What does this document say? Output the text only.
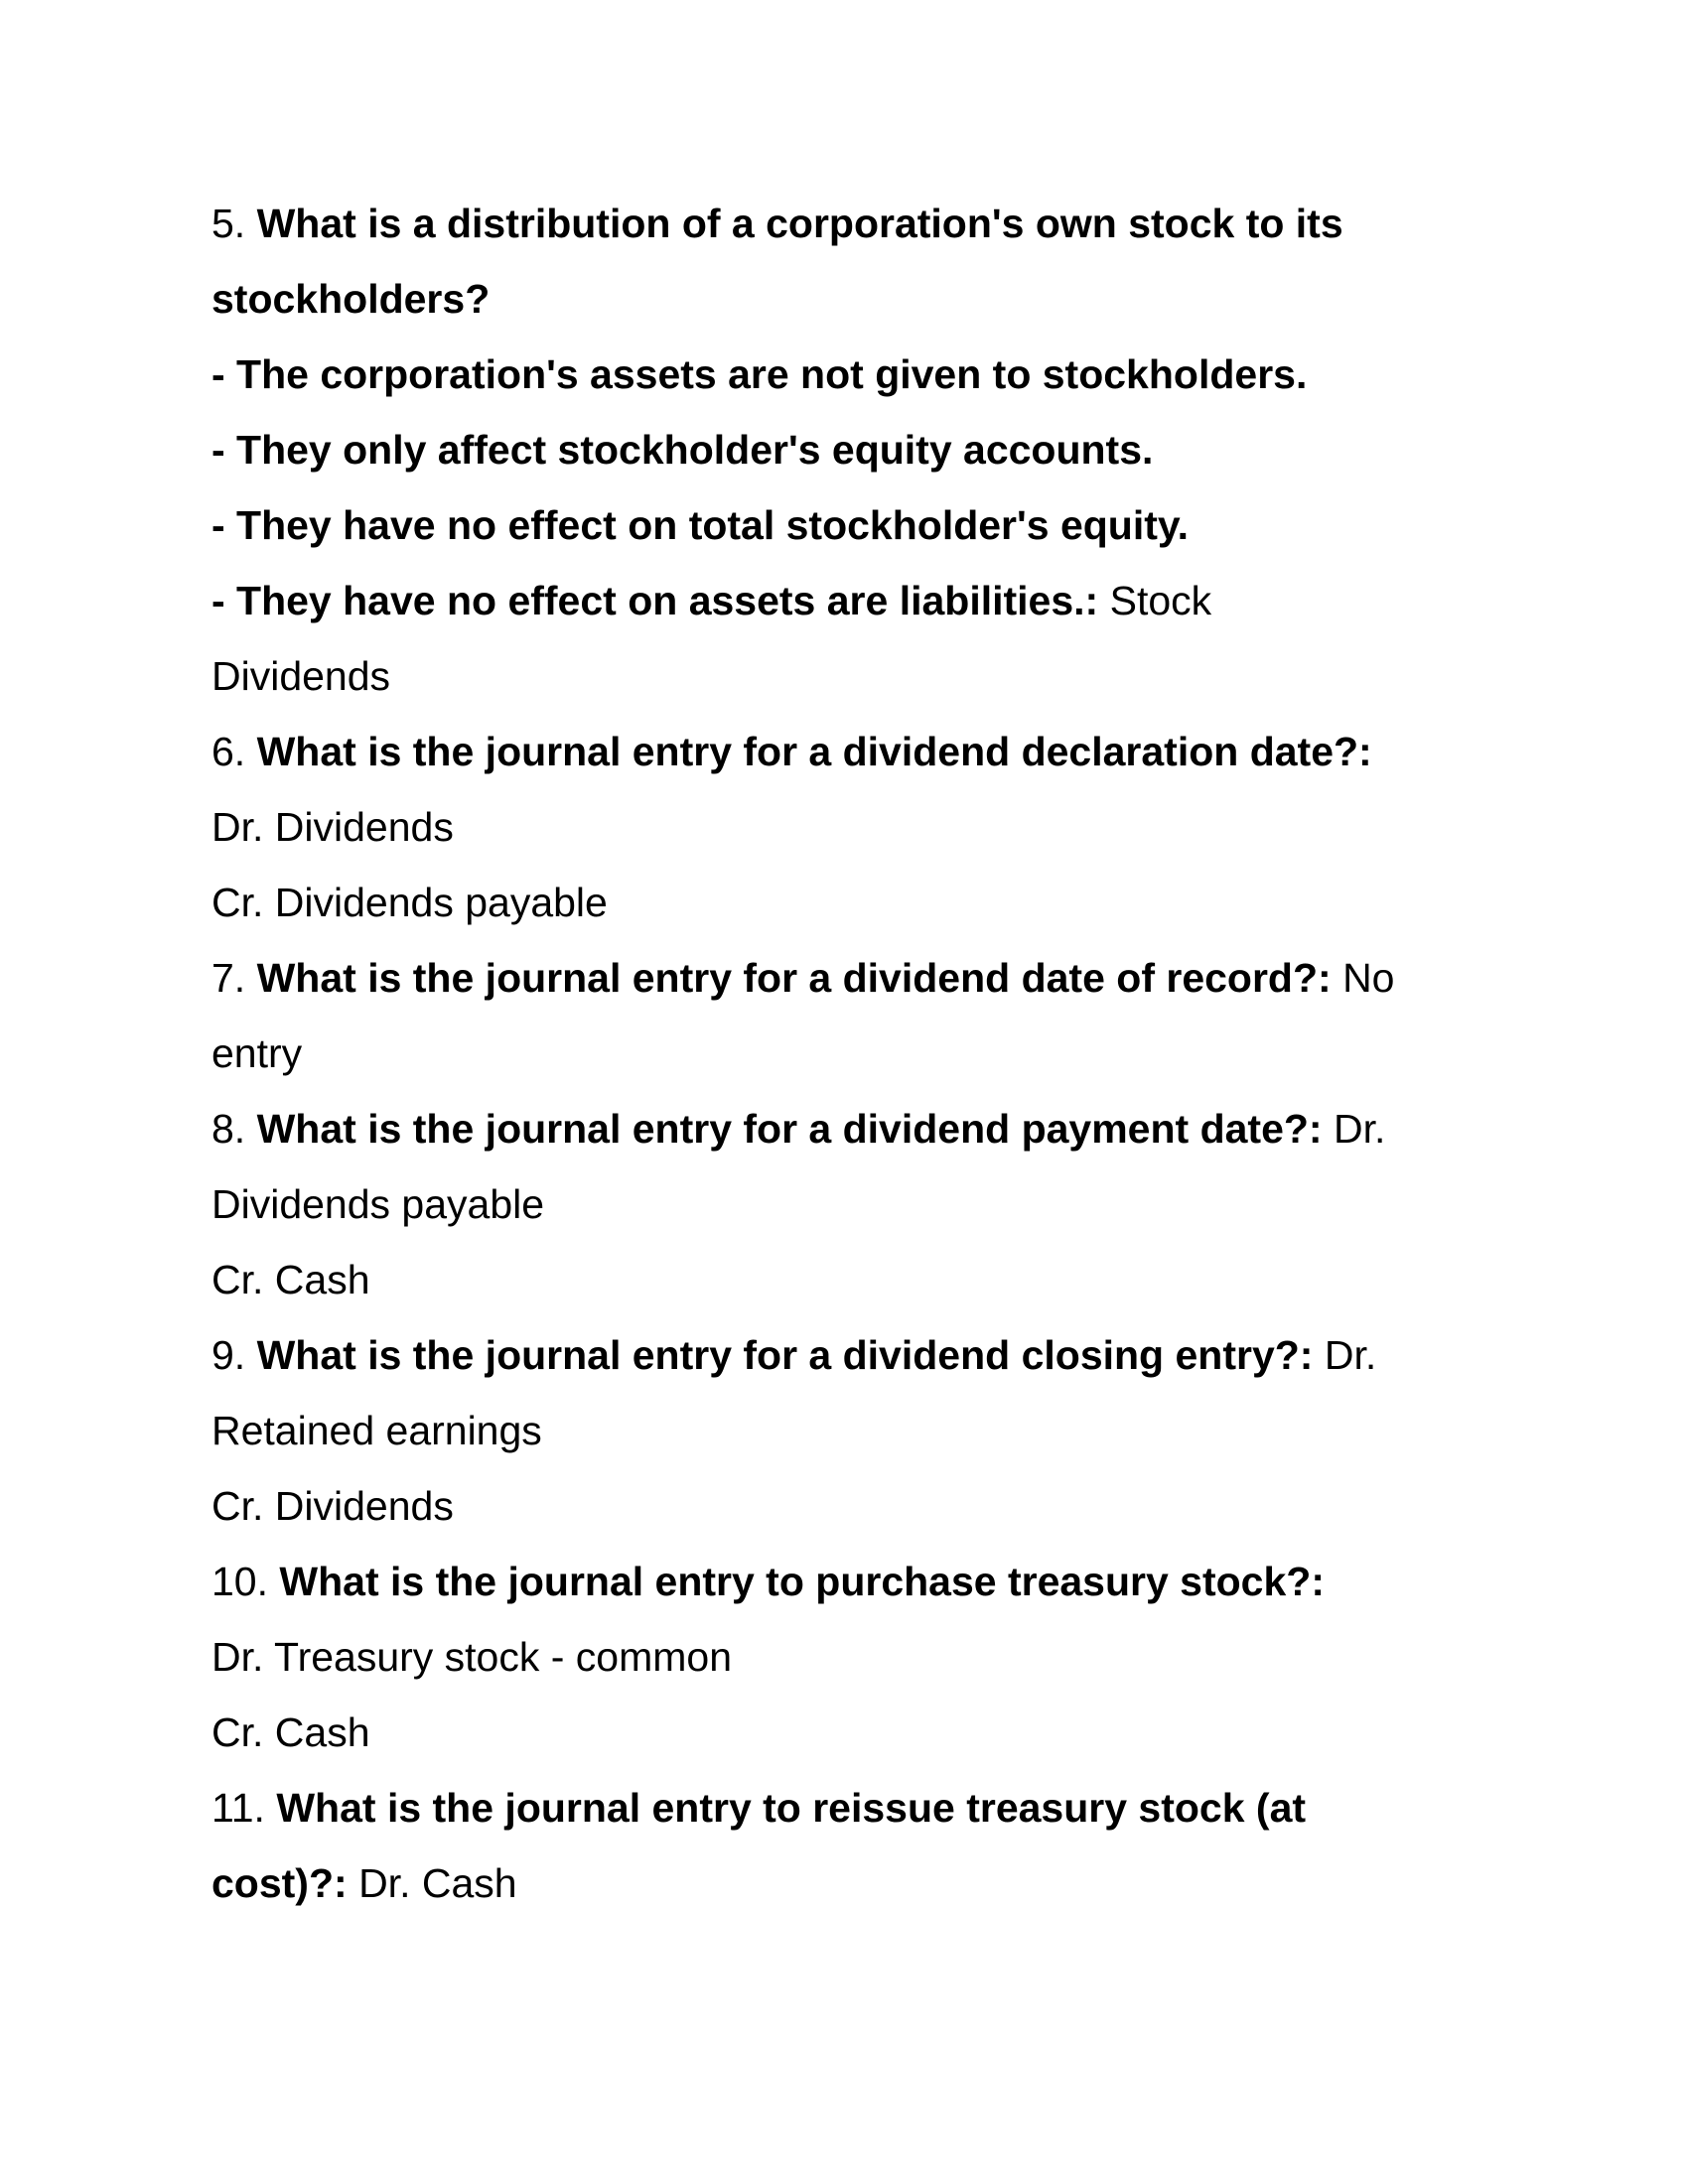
5. What is a distribution of a corporation's own stock to its
stockholders?
- The corporation's assets are not given to stockholders.
- They only affect stockholder's equity accounts.
- They have no effect on total stockholder's equity.
- They have no effect on assets are liabilities.: Stock
Dividends
6. What is the journal entry for a dividend declaration date?:
Dr. Dividends
Cr. Dividends payable
7. What is the journal entry for a dividend date of record?: No
entry
8. What is the journal entry for a dividend payment date?: Dr.
Dividends payable
Cr. Cash
9. What is the journal entry for a dividend closing entry?: Dr.
Retained earnings
Cr. Dividends
10. What is the journal entry to purchase treasury stock?:
Dr. Treasury stock - common
Cr. Cash
11. What is the journal entry to reissue treasury stock (at
cost)?: Dr. Cash
